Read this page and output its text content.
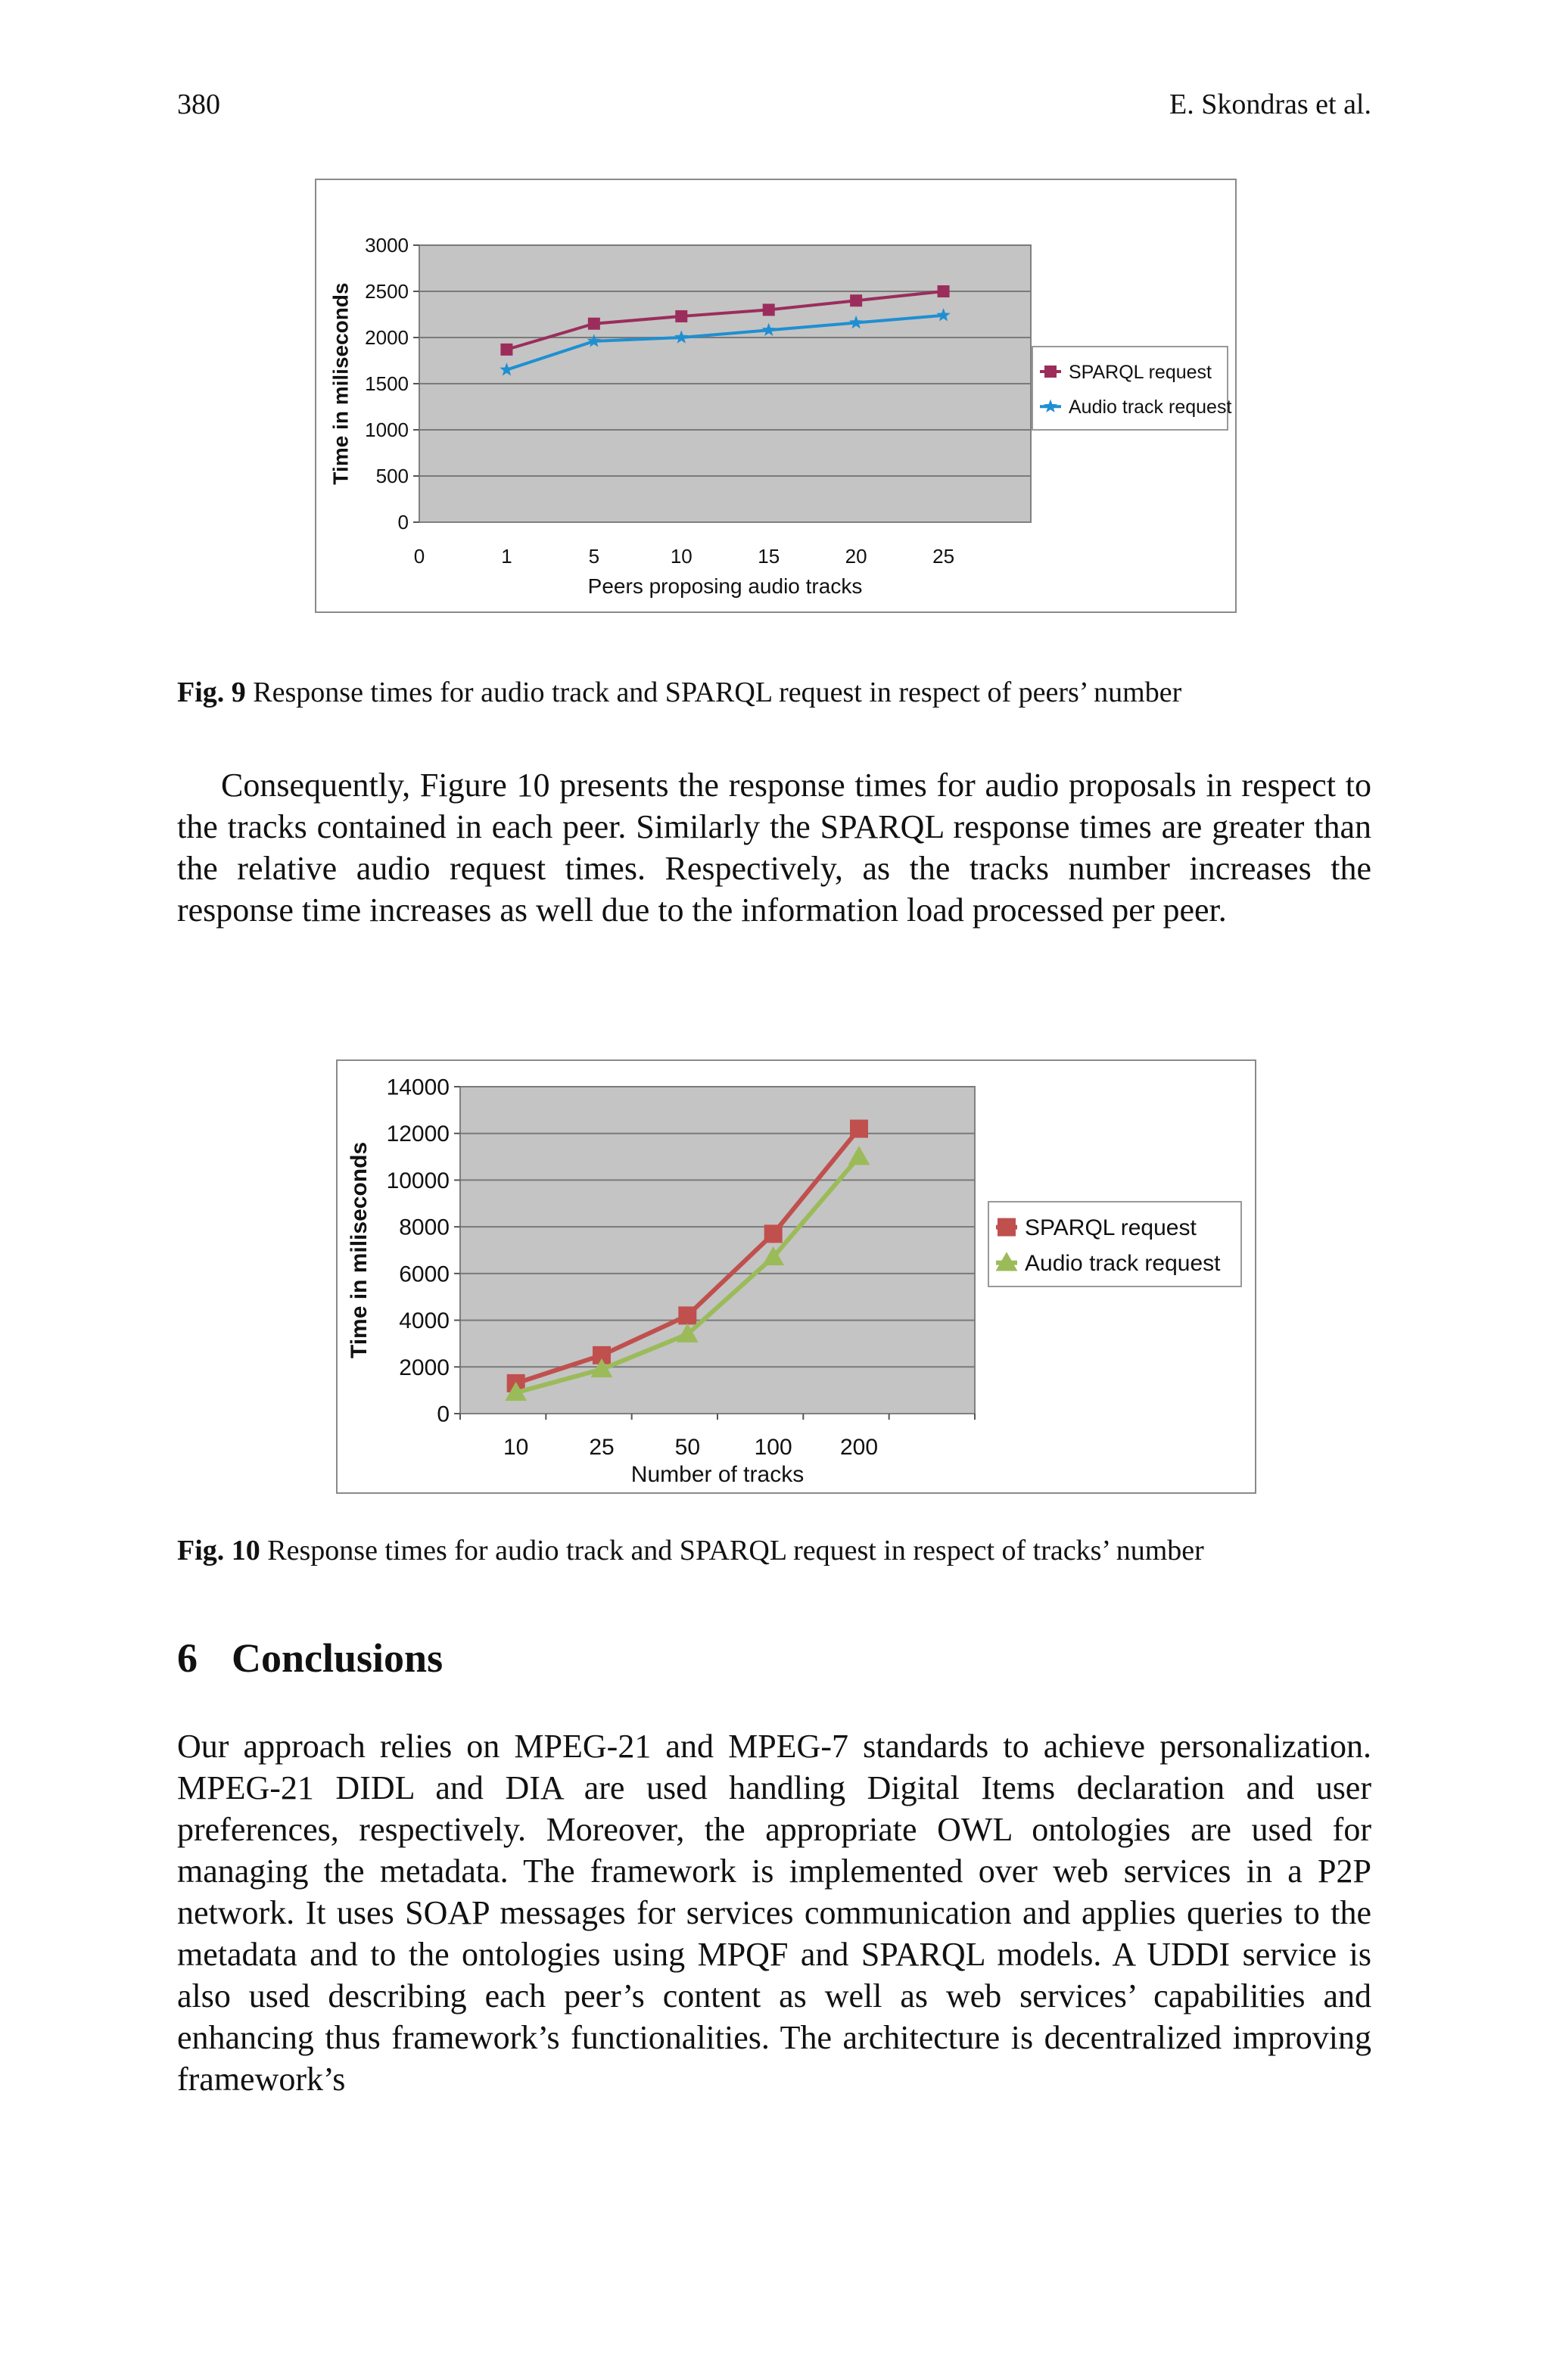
380	E. Skondras et al.
0
500
1000
1500
2000
2500
3000
0	1	5	10	15	20	25
Peers proposing audio tracks
Time in miliseconds	SPARQL request
Audio track request
Fig. 9 Response times for audio track and SPARQL request in respect of peers’ number
Consequently, Figure 10 presents the response times for audio proposals in respect to the tracks contained in each peer. Similarly the SPARQL response times are greater than the relative audio request times. Respectively, as the tracks number increases the response time increases as well due to the information load processed per peer.
0
2000
4000
6000
8000
10000
12000
14000
10	25	50 100 200
Number of tracks
Time in miliseconds	SPARQL request
Audio track request
Fig. 10 Response times for audio track and SPARQL request in respect of tracks’ number
6 Conclusions
Our approach relies on MPEG-21 and MPEG-7 standards to achieve personalization. MPEG-21 DIDL and DIA are used handling Digital Items declaration and user preferences, respectively. Moreover, the appropriate OWL ontologies are used for managing the metadata. The framework is implemented over web services in a P2P network. It uses SOAP messages for services communication and applies queries to the metadata and to the ontologies using MPQF and SPARQL models. A UDDI service is also used describing each peer’s content as well as web services’ capabilities and enhancing thus framework’s functionalities. The architecture is decentralized improving framework’s
